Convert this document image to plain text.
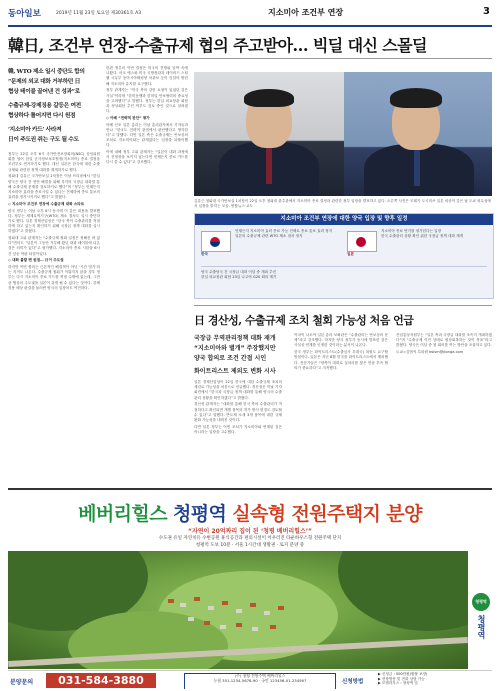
동아일보	2019년 11월 23일 토요일 제30361호 A3	지소미아 조건부 연장	3
韓日, 조건부 연장-수출규제 협의 주고받아… 빅딜 대신 스몰딜
韓, WTO 제소 일시 중단도 합의
“문제의 외교 대화 거부하던 日
협상 테이블 끌어낸 건 성과”로
수출규제-강제징용 갈등은 여전
협상하다 틀어지면 다시 원점
‘지소미아 카드’ 사라져
日이 주도권 쥐는 구도 될 수도

정부는 22일 오후 6시 국가안전보장회의(NSC) 상임위원회를 열어 한일 군사정보보호협정(지소미아) 종료 결정을 조건부로 연기하기로 했다. 대신 일본은 한국에 대한 수출규제와 관련한 정책 대화를 재개하기로 했다.

청와대 김유근 국가안보실 1차장은 이날 브리핑에서 “한일 양국은 양국 간 현안 해결을 위해 각각의 국장급 대화를 통해 수출규제 문제를 검토하기로 했다”며 “정부는 언제든지 지소미아 효력을 종료시킬 수 있다는 전제하에 종료 통보의 효력을 정지시키기로 했다”고 밝혔다.

◇ 지소미아 조건부 연장에 수출규제 대화 스타트

양국 정부는 이날 오후 6시 동시에 이 같은 내용을 발표했다. 정부는 세계무역기구(WTO) 제소 절차도 일시 중단하기로 했다. 일본 경제산업성은 “한국 측이 수출관리를 적절하게 하고 있는지 확인하기 위해 국장급 정책 대화를 실시하겠다”고 밝혔다.

청와대 고위 관계자는 “수출규제 철회 일정은 정해진 바 없다”면서도 “일본이 그동안 거부해 왔던 대화 테이블에 나온 것은 의미가 있다”고 평가했다. 지소미아 종료 시한을 6시간 앞둔 막판 타결이었다.

◇ 대화 불발 땐 원점… 日이 주도권

하지만 이번 합의는 근본적인 해결책이 아닌 ‘시간 벌기’라는 지적도 나온다. 수출규제 철회가 이뤄지지 않을 경우 정부는 다시 지소미아 종료 카드를 꺼낼 수밖에 없는데, 그만큼 협상의 주도권을 일본이 쥐게 될 수 있다는 것이다. 강제징용 배상 판결을 둘러싼 양국의 입장차도 여전하다.

한편 정부의 이번 결정은 미국의 전방위 압박 속에 나왔다. 마크 에스퍼 미국 국방장관과 데이비드 스틸웰 국무부 동아시아태평양 차관보 등이 잇달아 방한해 지소미아 유지를 요구했다.

정부 관계자는 “미국 측의 강한 요청이 있었던 것은 사실”이라며 “한미동맹과 한미일 안보협력의 중요성을 고려했다”고 말했다. 정부는 한일 외교장관 회담과 정상회담 추진 여부도 검토 중인 것으로 알려졌다.

◇ 아베 “전략적 판단” 평가

아베 신조 일본 총리는 이날 총리관저에서 기자들과 만나 “한국도 전략적 관점에서 판단했다고 생각한다”고 말했다. 다만 일본 측은 수출규제는 안보상의 조치로 지소미아와는 관계없다는 입장을 되풀이했다.

이에 대해 정부 고위 관계자는 “일본이 대화 과정에서 진정성을 보이지 않는다면 언제든지 종료 카드를 다시 쓸 수 있다”고 강조했다.

김유근 청와대 국가안보실 1차장이 22일 오후 청와대 춘추관에서 지소미아 종료 결정과 관련한 정부 입장을 발표하고 있다. 오른쪽 사진은 모테기 도시미쓰 일본 외상이 같은 날 도쿄 외무성에서 입장을 밝히는 모습. 연합뉴스·교도
지소미아 조건부 연장에 대한 양국 입장 및 향후 일정
한국
언제든지 지소미아 효력 종료 가능 전제로 종료 통보 효력 정지
일본의 수출규제 관련 WTO 제소 절차 정지
일본
지소미아 종료 연기를 평가한다는 입장
한국 수출관리 상황 확인 위한 국장급 정책 대화 재개
양국 수출당국 간 국장급 대화 이달 중 개최 추진
한일 외교장관 회담 23일 나고야 G20 회의 계기
日 경산성, 수출규제 조치 철회 가능성 처음 언급
국장급 무역관리정책 대화 재개
“지소미아와 별개” 주장했지만
양국 합의로 조건 간접 시인
화이트리스트 제외도 변화 시사

일본 경제산업성이 22일 한국에 대한 수출규제 조치의 재검토 가능성을 처음으로 언급했다. 경산성은 이날 기자회견에서 “한국과 국장급 정책 대화를 통해 양국의 수출관리 상황을 확인하겠다”고 밝혔다.

경산성 관계자는 “대화를 통해 한국 측의 수출관리가 적절하다고 확인되면 개별 품목의 허가 방식 변경도 검토할 수 있다”고 말했다. 반도체 소재 3개 품목에 대한 규제 완화 가능성을 내비친 것이다.

다만 일본 정부는 이번 조치가 지소미아와 연계된 것은 아니라는 입장을 고수했다.

이마이 나오야 일본 총리 보좌관은 “수출관리는 안보상의 문제”라고 강조했다. 하지만 양국 정부가 동시에 발표한 것은 사실상 연계를 인정한 것이라는 분석이 나온다.

한국 정부는 화이트리스트(수출심사 우대국) 복원도 요구할 방침이다. 일본은 지난 8월 한국을 화이트리스트에서 제외했다. 전문가들은 “양측이 대화로 실마리를 찾은 만큼 후속 협의가 중요하다”고 지적했다.

산업통상자원부는 “일본 측과 국장급 대화를 조속히 개최하겠다”며 “수출규제 이전 상태로 원상회복하는 것이 목표”라고 밝혔다. 양국은 이달 중 첫 회의를 여는 방안을 조율하고 있다.

도쿄=김범석 특파원 bsism@donga.com

베버리힐스 청평역 실속형 전원주택지 분양
“자연이 20억짜리 집이 된 ‘청평 베버리힐스’”
수도권 유일 자연치유 수변공원 휴식공간과 편의시설이 어우러진 타운하우스형 전원주택 단지
청평역 도보 10분 · 서울 1시간대 생활권 · 토지 분양 중
청평역
청평역
분양문의	031-584-3880	(주) 청평 전원주택 베버리힐스
농협 351-1234-5678-90 · 국민 123456-01-234567	신청방법
▶ 신청금 : 500만원(환불 보장)
▶ 현장방문 및 전화 상담 가능
▶ 모델하우스 : 청평역 앞
